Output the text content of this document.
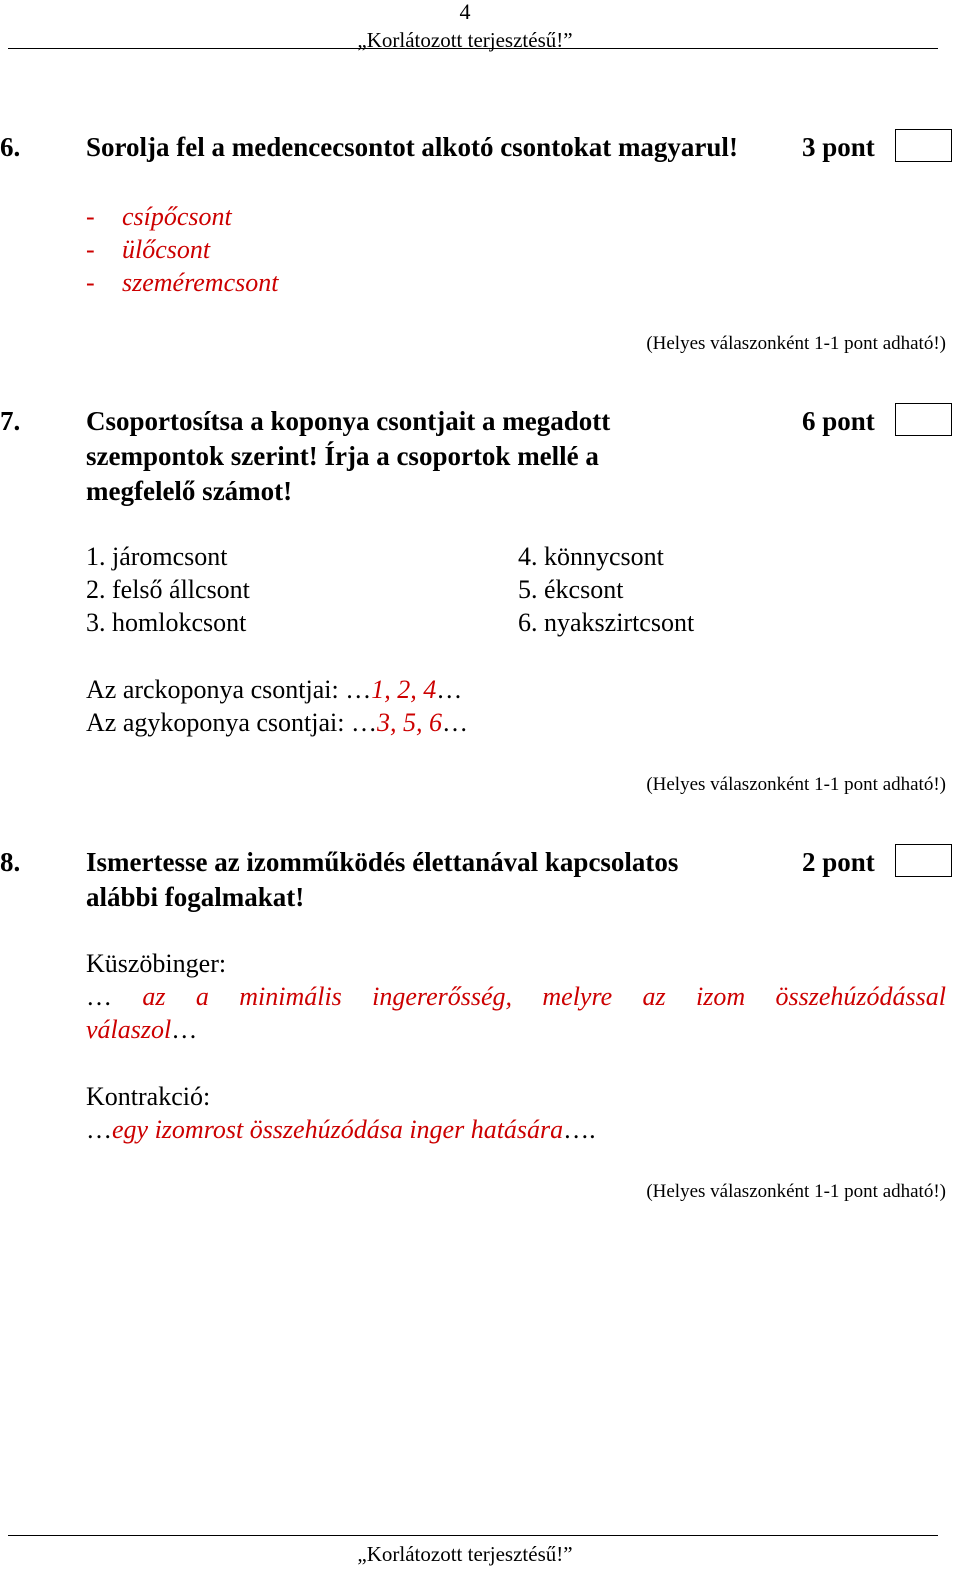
4
„Korlátozott terjesztésű!”
6. Sorolja fel a medencecsontot alkotó csontokat magyarul! 3 pont
- csípőcsont
- ülőcsont
- szeméremcsont
(Helyes válaszonként 1-1 pont adható!)
7. Csoportosítsa a koponya csontjait a megadott
szempontok szerint! Írja a csoportok mellé a
megfelelő számot!
6 pont
1. járomcsont
2. felső állcsont
3. homlokcsont
4. könnycsont
5. ékcsont
6. nyakszirtcsont
Az arckoponya csontjai: …1, 2, 4…
Az agykoponya csontjai: …3, 5, 6…
(Helyes válaszonként 1-1 pont adható!)
8. Ismertesse az izomműködés élettanával kapcsolatos
alábbi fogalmakat!
2 pont
Küszöbinger:
… az a minimális ingererősség, melyre az izom összehúzódással
válaszol…
Kontrakció:
…egy izomrost összehúzódása inger hatására….
(Helyes válaszonként 1-1 pont adható!)
„Korlátozott terjesztésű!”
